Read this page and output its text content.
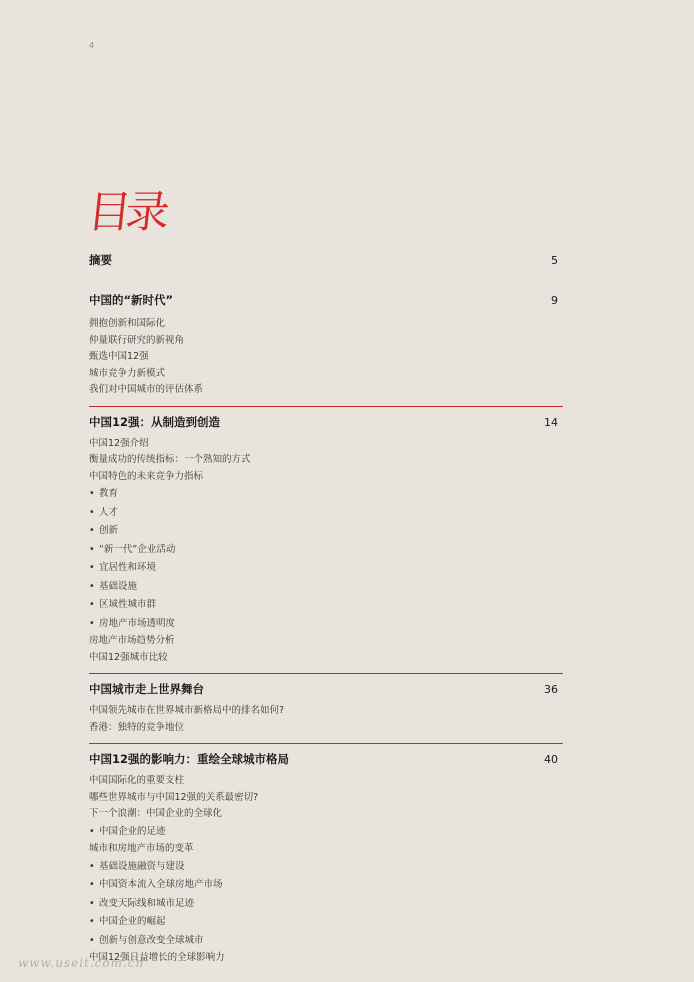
4
目录
摘要	5
中国的“新时代”	9
拥抱创新和国际化
仲量联行研究的新视角
甄选中国12强
城市竞争力新模式
我们对中国城市的评估体系
中国12强：从制造到创造	14
中国12强介绍
衡量成功的传统指标：一个熟知的方式
中国特色的未来竞争力指标
• 教育
• 人才
• 创新
• “新一代”企业活动
• 宜居性和环境
• 基础设施
• 区域性城市群
• 房地产市场透明度
房地产市场趋势分析
中国12强城市比较
中国城市走上世界舞台	36
中国领先城市在世界城市新格局中的排名如何?
香港：独特的竞争地位
中国12强的影响力：重绘全球城市格局	40
中国国际化的重要支柱
哪些世界城市与中国12强的关系最密切?
下一个浪潮：中国企业的全球化
• 中国企业的足迹
城市和房地产市场的变革
• 基础设施融资与建设
• 中国资本流入全球房地产市场
• 改变天际线和城市足迹
• 中国企业的崛起
• 创新与创意改变全球城市
中国12强日益增长的全球影响力
www.useit.com.cn
